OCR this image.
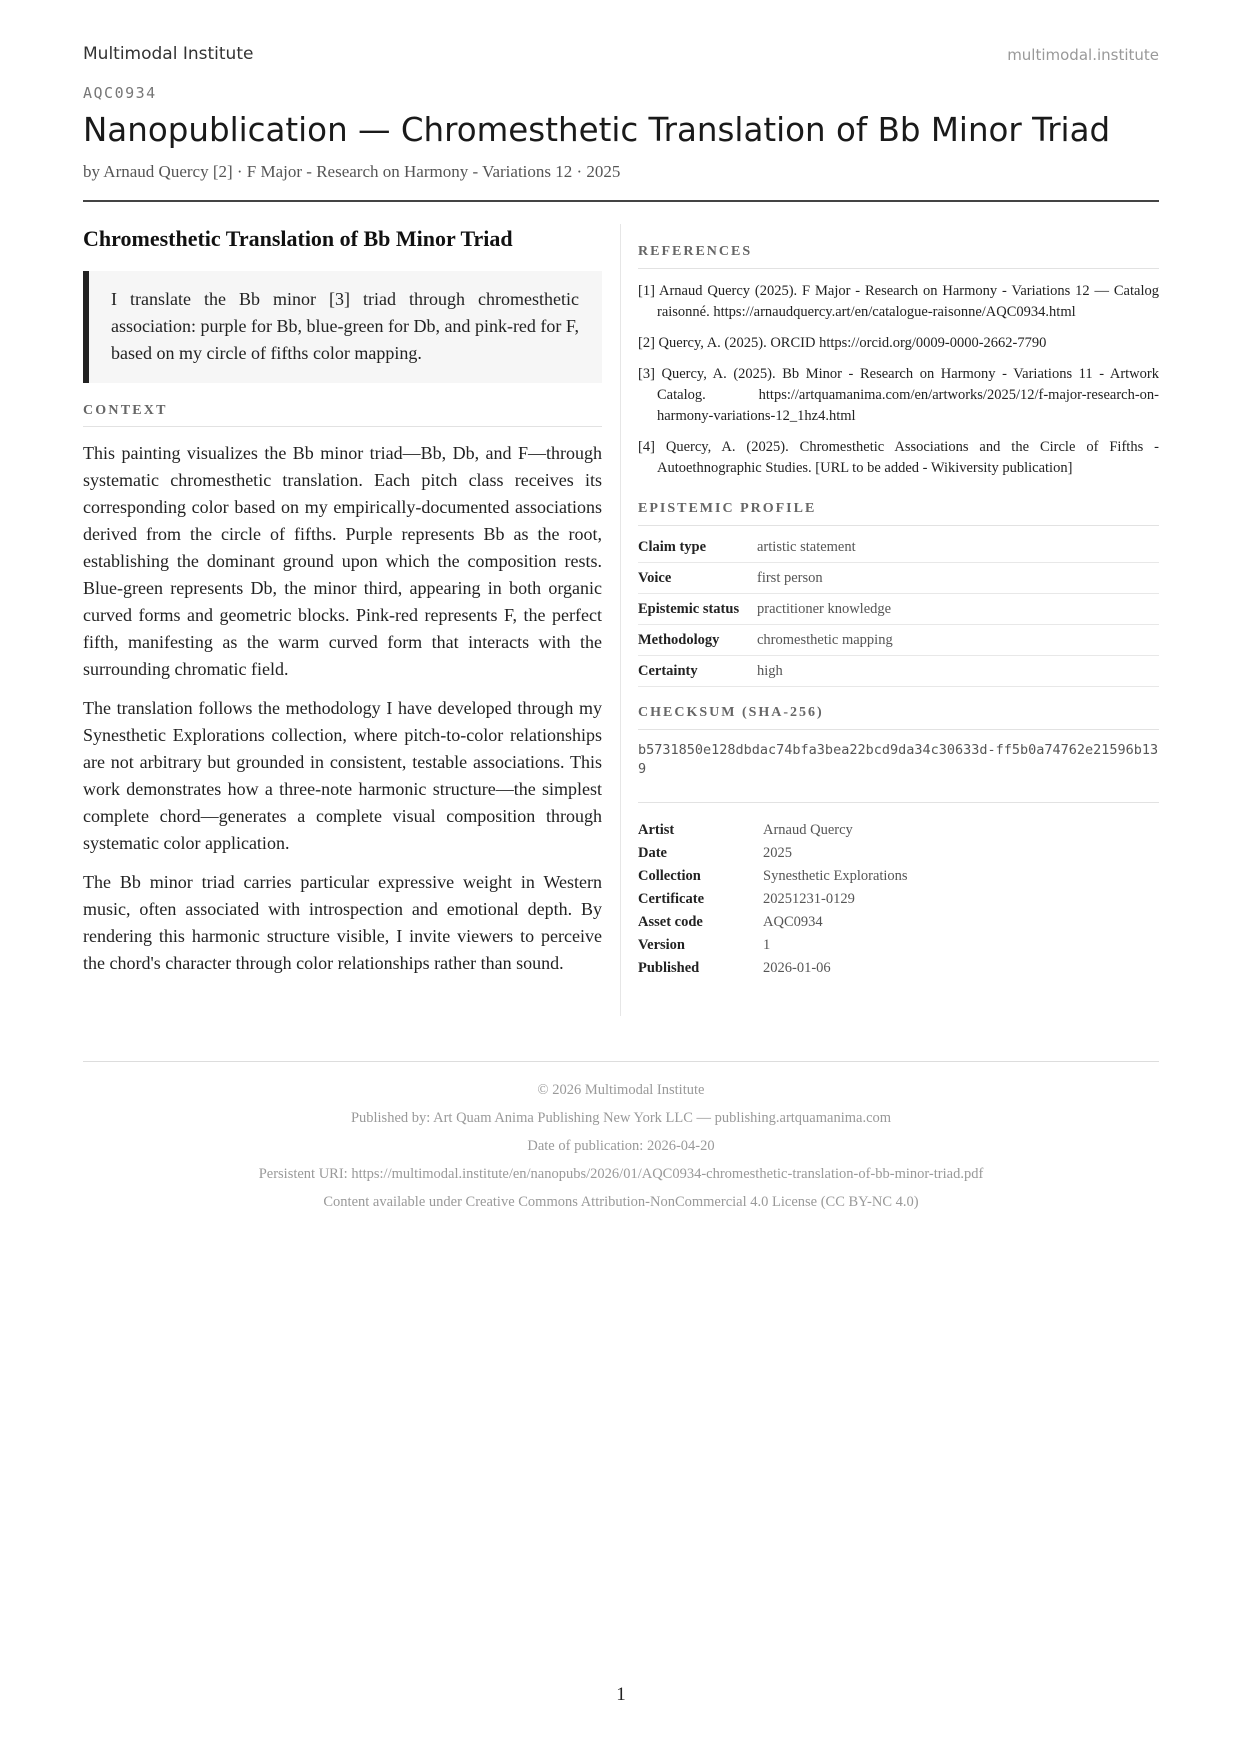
Multimodal Institute	multimodal.institute
AQC0934
Nanopublication — Chromesthetic Translation of Bb Minor Triad
by Arnaud Quercy [2] · F Major - Research on Harmony - Variations 12 · 2025
Chromesthetic Translation of Bb Minor Triad
I translate the Bb minor [3] triad through chromesthetic association: purple for Bb, blue-green for Db, and pink-red for F, based on my circle of fifths color mapping.
CONTEXT

This painting visualizes the Bb minor triad—Bb, Db, and F—through systematic chromesthetic translation. Each pitch class receives its corresponding color based on my empirically-documented associations derived from the circle of fifths. Purple represents Bb as the root, establishing the dominant ground upon which the composition rests. Blue-green represents Db, the minor third, appearing in both organic curved forms and geometric blocks. Pink-red represents F, the perfect fifth, manifesting as the warm curved form that interacts with the surrounding chromatic field.

The translation follows the methodology I have developed through my Synesthetic Explorations collection, where pitch-to-color relationships are not arbitrary but grounded in consistent, testable associations. This work demonstrates how a three-note harmonic structure—the simplest complete chord—generates a complete visual composition through systematic color application.

The Bb minor triad carries particular expressive weight in Western music, often associated with introspection and emotional depth. By rendering this harmonic structure visible, I invite viewers to perceive the chord's character through color relationships rather than sound.

REFERENCES
[1] Arnaud Quercy (2025). F Major - Research on Harmony - Variations 12 — Catalog raisonné. https://arnaudquercy.art/en/catalogue-raisonne/AQC0934.html
[2] Quercy, A. (2025). ORCID https://orcid.org/0009-0000-2662-7790
[3] Quercy, A. (2025). Bb Minor - Research on Harmony - Variations 11 - Artwork Catalog. https://artquamanima.com/en/artworks/2025/12/f-major-research-on-harmony-variations-12_1hz4.html
[4] Quercy, A. (2025). Chromesthetic Associations and the Circle of Fifths - Autoethnographic Studies. [URL to be added - Wikiversity publication]
EPISTEMIC PROFILE
Claim type	artistic statement
Voice	first person
Epistemic status	practitioner knowledge
Methodology	chromesthetic mapping
Certainty	high
CHECKSUM (SHA-256)
b5731850e128dbdac74bfa3bea22bcd9da34c30633d-ff5b0a74762e21596b139
Artist	Arnaud Quercy
Date	2025
Collection	Synesthetic Explorations
Certificate	20251231-0129
Asset code	AQC0934
Version	1
Published	2026-01-06
© 2026 Multimodal Institute
Published by: Art Quam Anima Publishing New York LLC — publishing.artquamanima.com
Date of publication: 2026-04-20
Persistent URI: https://multimodal.institute/en/nanopubs/2026/01/AQC0934-chromesthetic-translation-of-bb-minor-triad.pdf
Content available under Creative Commons Attribution-NonCommercial 4.0 License (CC BY-NC 4.0)
1
